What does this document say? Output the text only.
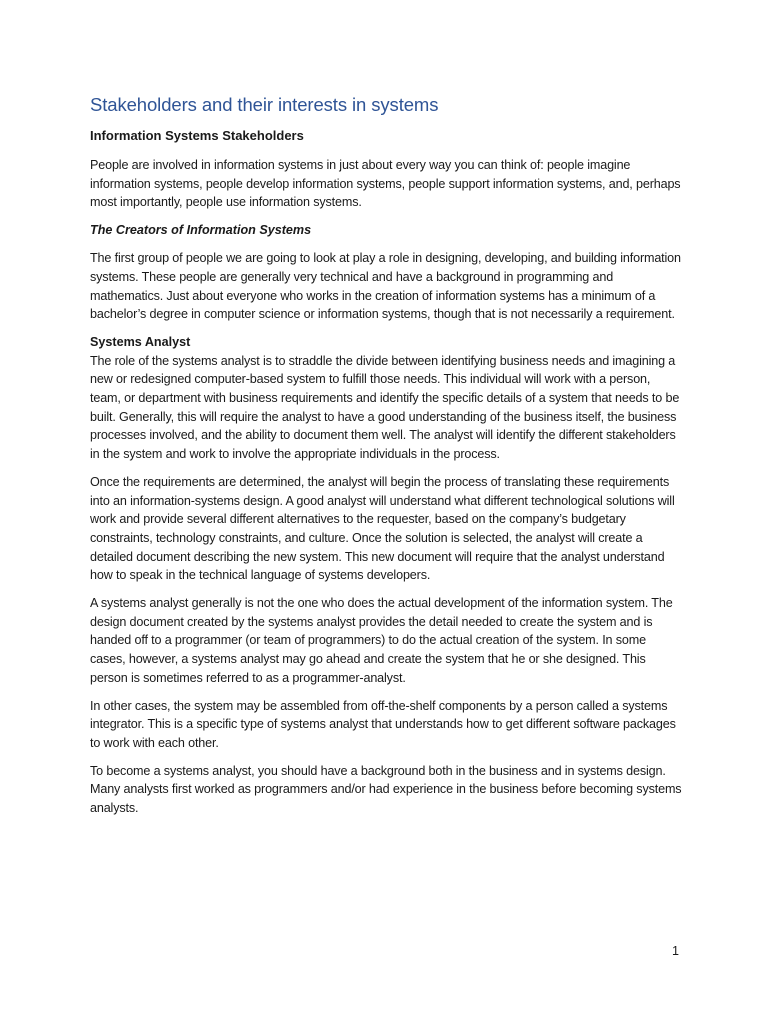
Stakeholders and their interests in systems
Information Systems Stakeholders

People are involved in information systems in just about every way you can think of: people imagine information systems, people develop information systems, people support information systems, and, perhaps most importantly, people use information systems.

The Creators of Information Systems

The first group of people we are going to look at play a role in designing, developing, and building information systems. These people are generally very technical and have a background in programming and mathematics. Just about everyone who works in the creation of information systems has a minimum of a bachelor’s degree in computer science or information systems, though that is not necessarily a requirement.

Systems Analyst

The role of the systems analyst is to straddle the divide between identifying business needs and imagining a new or redesigned computer-based system to fulfill those needs. This individual will work with a person, team, or department with business requirements and identify the specific details of a system that needs to be built. Generally, this will require the analyst to have a good understanding of the business itself, the business processes involved, and the ability to document them well. The analyst will identify the different stakeholders in the system and work to involve the appropriate individuals in the process.

Once the requirements are determined, the analyst will begin the process of translating these requirements into an information-systems design. A good analyst will understand what different technological solutions will work and provide several different alternatives to the requester, based on the company’s budgetary constraints, technology constraints, and culture. Once the solution is selected, the analyst will create a detailed document describing the new system. This new document will require that the analyst understand how to speak in the technical language of systems developers.

A systems analyst generally is not the one who does the actual development of the information system. The design document created by the systems analyst provides the detail needed to create the system and is handed off to a programmer (or team of programmers) to do the actual creation of the system. In some cases, however, a systems analyst may go ahead and create the system that he or she designed. This person is sometimes referred to as a programmer-analyst.

In other cases, the system may be assembled from off-the-shelf components by a person called a systems integrator. This is a specific type of systems analyst that understands how to get different software packages to work with each other.

To become a systems analyst, you should have a background both in the business and in systems design. Many analysts first worked as programmers and/or had experience in the business before becoming systems analysts.

1
